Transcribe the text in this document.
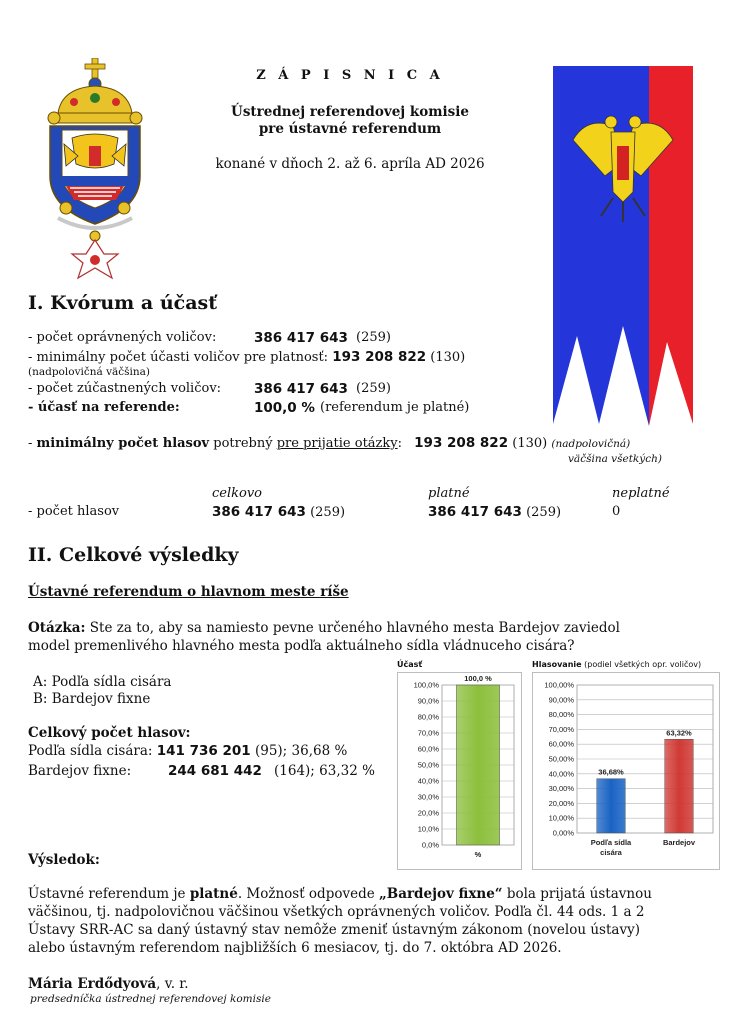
Z Á P I S N I C A
Ústrednej referendovej komisie
pre ústavné referendum
konané v dňoch 2. až 6. apríla AD 2026
I. Kvórum a účasť
- počet oprávnených voličov:	386 417 643 (259)
- minimálny počet účasti voličov pre platnosť: 193 208 822 (130)
(nadpolovičná väčšina)
- počet zúčastnených voličov: 386 417 643 (259)
- účasť na referende:	100,0 % (referendum je platné)
- minimálny počet hlasov potrebný pre prijatie otázky: 193 208 822 (130) (nadpolovičná)
väčšina všetkých)
celkovo	platné	neplatné
- počet hlasov	386 417 643 (259)	386 417 643 (259)	0
II. Celkové výsledky
Ústavné referendum o hlavnom meste ríše
Otázka: Ste za to, aby sa namiesto pevne určeného hlavného mesta Bardejov zaviedol
model premenlivého hlavného mesta podľa aktuálneho sídla vládnuceho cisára?
A: Podľa sídla cisára
B: Bardejov fixne
Celkový počet hlasov:
Podľa sídla cisára: 141 736 201 (95); 36,68 %
Bardejov fixne:	244 681 442 (164); 63,32 %
0,0%
10,0%
20,0%
30,0%
40,0%
50,0%
60,0%
70,0%
80,0%
90,0%
100,0%
100,0 %
%
Účasť
0,00%
10,00%
20,00%
30,00%
40,00%
50,00%
60,00%
70,00%
80,00%
90,00%
100,00%
36,68%
Podľa sídla
cisára
63,32%
Bardejov
Hlasovanie (podiel všetkých opr. voličov)
Výsledok:
Ústavné referendum je platné. Možnosť odpovede „Bardejov fixne“ bola prijatá ústavnou
väčšinou, tj. nadpolovičnou väčšinou všetkých oprávnených voličov. Podľa čl. 44 ods. 1 a 2
Ústavy SRR-AC sa daný ústavný stav nemôže zmeniť ústavným zákonom (novelou ústavy)
alebo ústavným referendom najbližších 6 mesiacov, tj. do 7. októbra AD 2026.
Mária Erdődyová, v. r.
predsedníčka ústrednej referendovej komisie
